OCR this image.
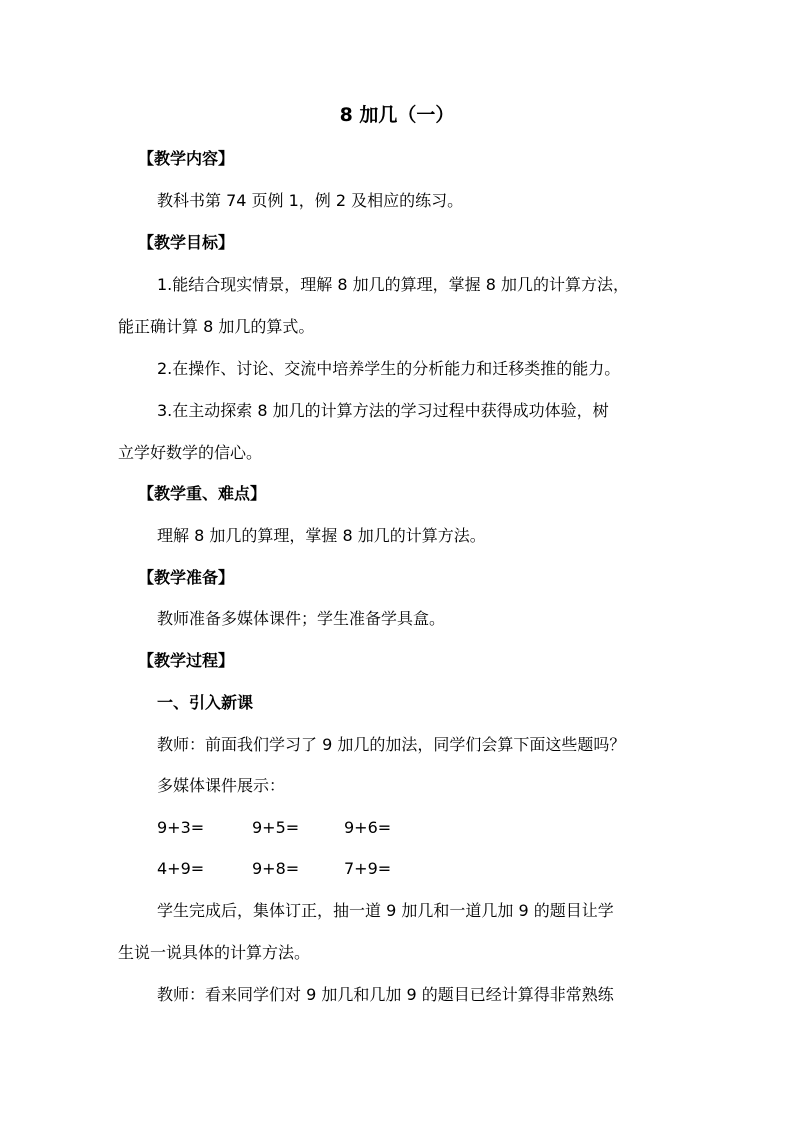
8 加几（一）

【教学内容】

教科书第 74 页例 1，例 2 及相应的练习。

【教学目标】

1.能结合现实情景，理解 8 加几的算理，掌握 8 加几的计算方法，

能正确计算 8 加几的算式。

2.在操作、讨论、交流中培养学生的分析能力和迁移类推的能力。

3.在主动探索 8 加几的计算方法的学习过程中获得成功体验，树

立学好数学的信心。

【教学重、难点】

理解 8 加几的算理，掌握 8 加几的计算方法。

【教学准备】

教师准备多媒体课件；学生准备学具盒。

【教学过程】

一、引入新课

教师：前面我们学习了 9 加几的加法，同学们会算下面这些题吗？

多媒体课件展示：

9+3=	9+5=	9+6=
4+9=	9+8=	7+9=

学生完成后，集体订正，抽一道 9 加几和一道几加 9 的题目让学

生说一说具体的计算方法。

教师：看来同学们对 9 加几和几加 9 的题目已经计算得非常熟练
